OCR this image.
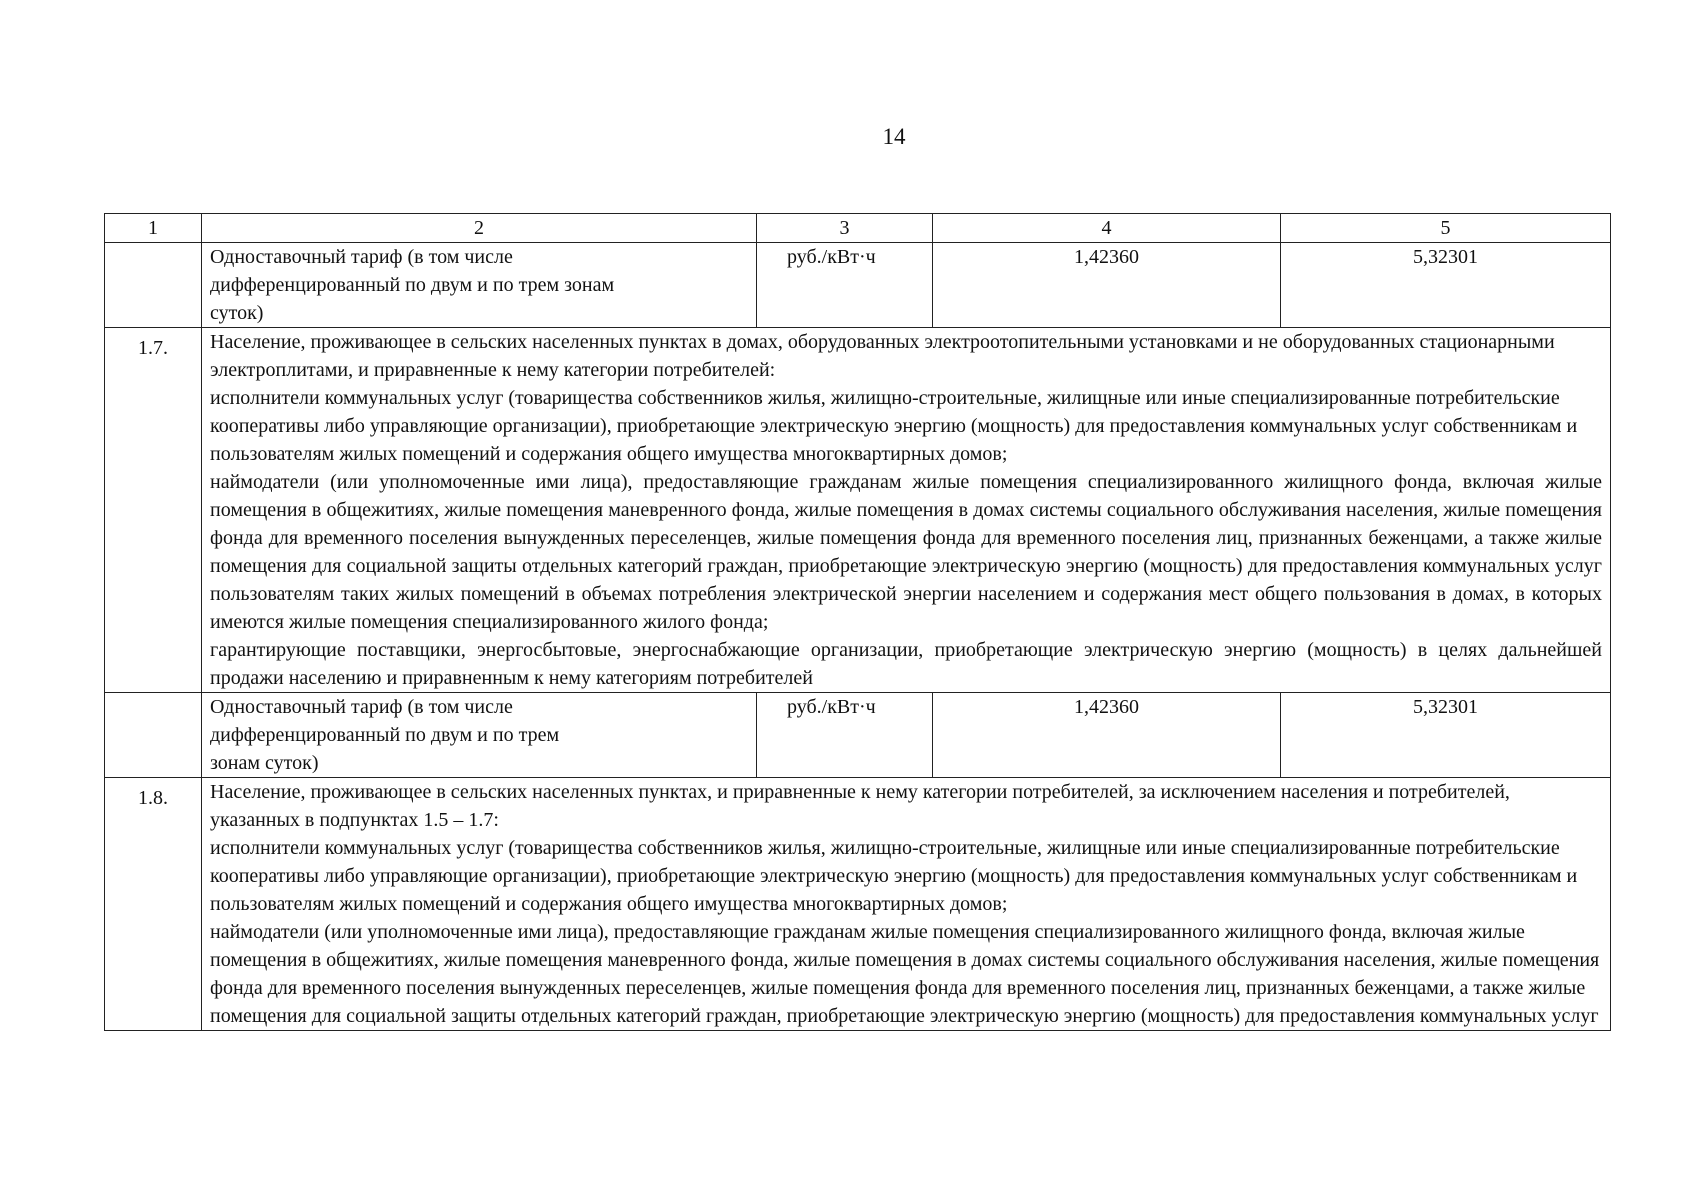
14
1	2	3	4	5

	Одноставочный тариф (в том числе
дифференцированный по двум и по трем зонам
суток)	руб./кВт·ч	1,42360	5,32301
1.7.	Население, проживающее в сельских населенных пунктах в домах, оборудованных электроотопительными установками и не оборудованных стационарными электроплитами, и приравненные к нему категории потребителей:
исполнители коммунальных услуг (товарищества собственников жилья, жилищно-строительные, жилищные или иные специализированные потребительские кооперативы либо управляющие организации), приобретающие электрическую энергию (мощность) для предоставления коммунальных услуг собственникам и пользователям жилых помещений и содержания общего имущества многоквартирных домов;
наймодатели (или уполномоченные ими лица), предоставляющие гражданам жилые помещения специализированного жилищного фонда, включая жилые помещения в общежитиях, жилые помещения маневренного фонда, жилые помещения в домах системы социального обслуживания населения, жилые помещения фонда для временного поселения вынужденных переселенцев, жилые помещения фонда для временного поселения лиц, признанных беженцами, а также жилые помещения для социальной защиты отдельных категорий граждан, приобретающие электрическую энергию (мощность) для предоставления коммунальных услуг пользователям таких жилых помещений в объемах потребления электрической энергии населением и содержания мест общего пользования в домах, в которых имеются жилые помещения специализированного жилого фонда;
гарантирующие поставщики, энергосбытовые, энергоснабжающие организации, приобретающие электрическую энергию (мощность) в целях дальнейшей продажи населению и приравненным к нему категориям потребителей			

	Одноставочный тариф (в том числе
дифференцированный по двум и по трем
зонам суток)	руб./кВт·ч	1,42360	5,32301
1.8.	Население, проживающее в сельских населенных пунктах, и приравненные к нему категории потребителей, за исключением населения и потребителей, указанных в подпунктах 1.5 – 1.7:
исполнители коммунальных услуг (товарищества собственников жилья, жилищно-строительные, жилищные или иные специализированные потребительские кооперативы либо управляющие организации), приобретающие электрическую энергию (мощность) для предоставления коммунальных услуг собственникам и пользователям жилых помещений и содержания общего имущества многоквартирных домов;
наймодатели (или уполномоченные ими лица), предоставляющие гражданам жилые помещения специализированного жилищного фонда, включая жилые помещения в общежитиях, жилые помещения маневренного фонда, жилые помещения в домах системы социального обслуживания населения, жилые помещения фонда для временного поселения вынужденных переселенцев, жилые помещения фонда для временного поселения лиц, признанных беженцами, а также жилые помещения для социальной защиты отдельных категорий граждан, приобретающие электрическую энергию (мощность) для предоставления коммунальных услуг			
